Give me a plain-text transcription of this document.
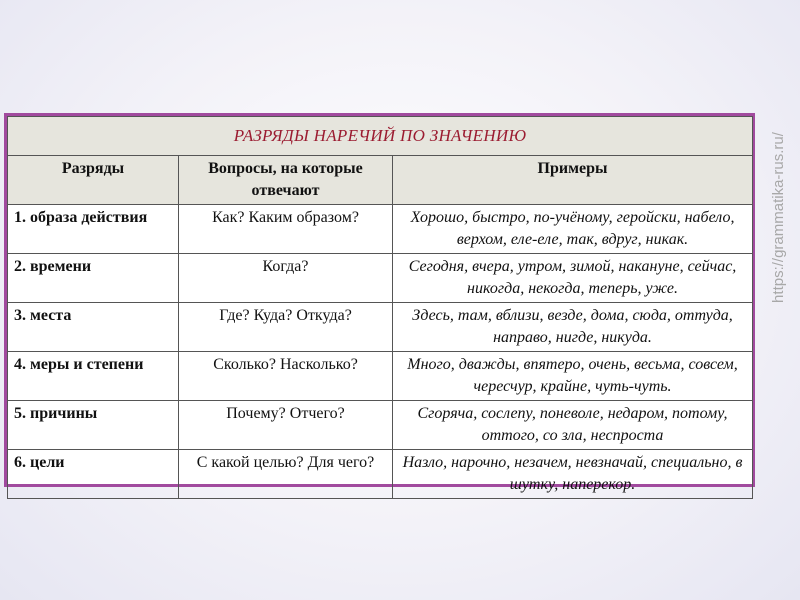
РАЗРЯДЫ НАРЕЧИЙ ПО ЗНАЧЕНИЮ		
Разряды	Вопросы, на которые отвечают	Примеры
1. образа действия	Как? Каким образом?	Хорошо, быстро, по-учёному, геройски, набело, верхом, еле-еле, так, вдруг, никак.
2. времени	Когда?	Сегодня, вчера, утром, зимой, накануне, сейчас, никогда, некогда, теперь, уже.
3. места	Где? Куда? Откуда?	Здесь, там, вблизи, везде, дома, сюда, оттуда, направо, нигде, никуда.
4. меры и степени	Сколько? Насколько?	Много, дважды, впятеро, очень, весьма, совсем, чересчур, крайне, чуть-чуть.
5. причины	Почему? Отчего?	Сгоряча, сослепу, поневоле, недаром, потому, оттого, со зла, неспроста
6. цели	С какой целью? Для чего?	Назло, нарочно, незачем, невзначай, специально, в шутку, наперекор.
https://grammatika-rus.ru/
